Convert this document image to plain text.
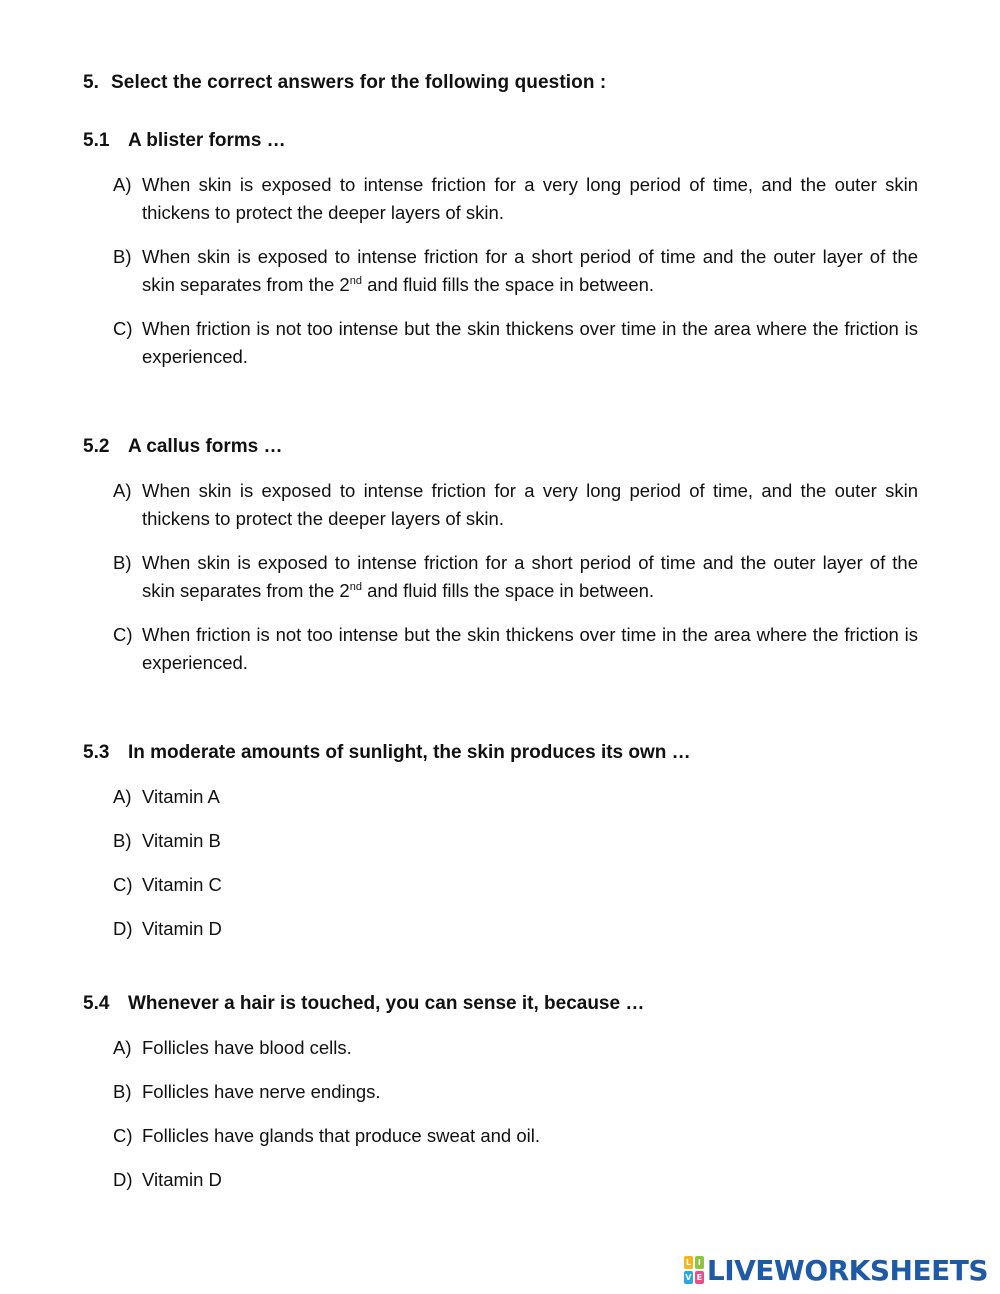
5. Select the correct answers for the following question :
5.1 A blister forms …
A) When skin is exposed to intense friction for a very long period of time, and the outer skin thickens to protect the deeper layers of skin.
B) When skin is exposed to intense friction for a short period of time and the outer layer of the skin separates from the 2nd and fluid fills the space in between.
C) When friction is not too intense but the skin thickens over time in the area where the friction is experienced.
5.2 A callus forms …
A) When skin is exposed to intense friction for a very long period of time, and the outer skin thickens to protect the deeper layers of skin.
B) When skin is exposed to intense friction for a short period of time and the outer layer of the skin separates from the 2nd and fluid fills the space in between.
C) When friction is not too intense but the skin thickens over time in the area where the friction is experienced.
5.3 In moderate amounts of sunlight, the skin produces its own …
A) Vitamin A
B) Vitamin B
C) Vitamin C
D) Vitamin D
5.4 Whenever a hair is touched, you can sense it, because …
A) Follicles have blood cells.
B) Follicles have nerve endings.
C) Follicles have glands that produce sweat and oil.
D) Vitamin D
L I
V E LIVEWORKSHEETS
